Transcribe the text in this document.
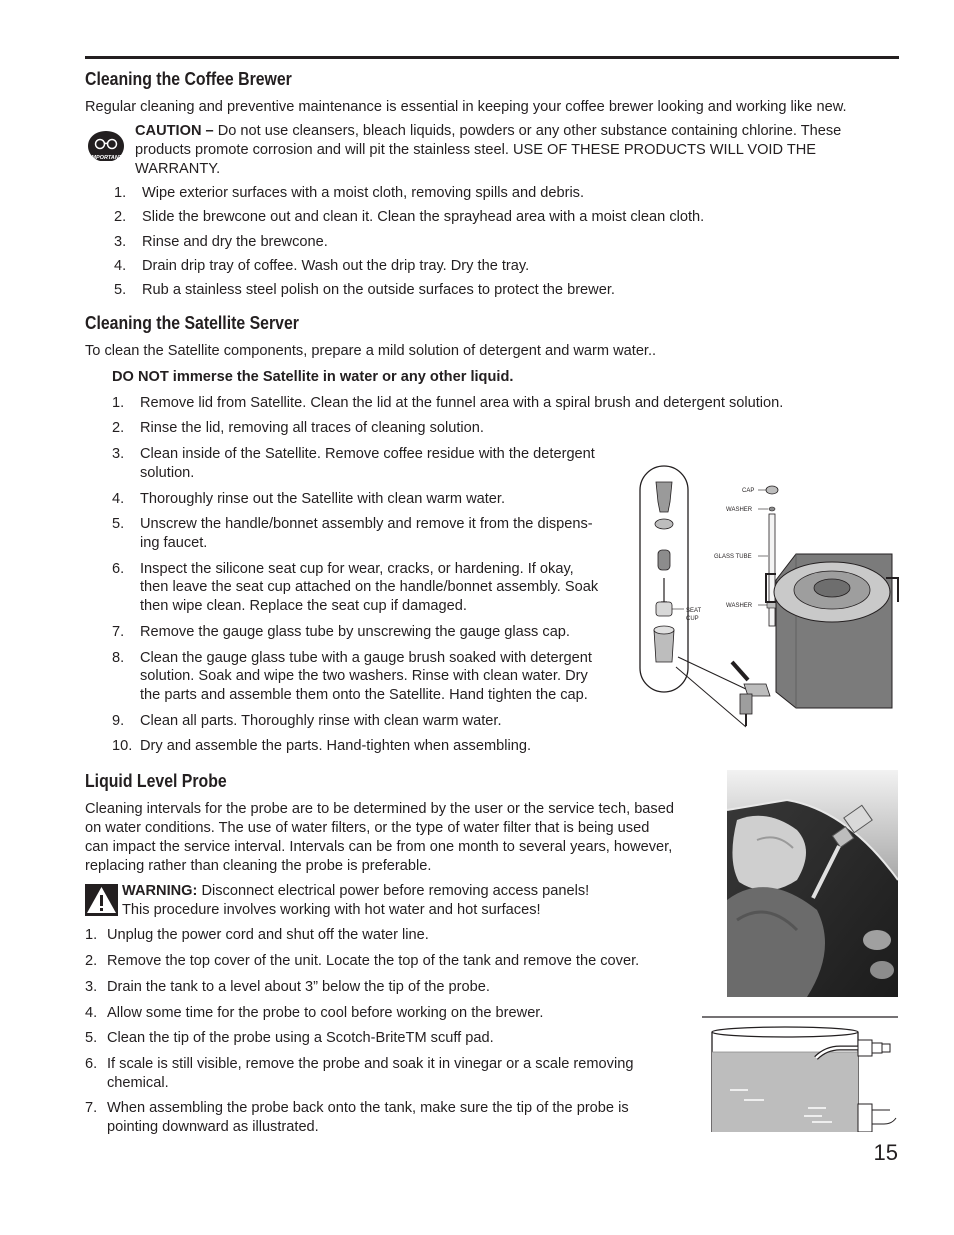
Cleaning the Coffee Brewer
Regular cleaning and preventive maintenance is essential in keeping your coffee brewer looking and working like new.
IMPORTANT
CAUTION – Do not use cleansers, bleach liquids, powders or any other substance containing chlorine. These
products promote corrosion and will pit the stainless steel. USE OF THESE PRODUCTS WILL VOID THE
WARRANTY.
1. Wipe exterior surfaces with a moist cloth, removing spills and debris.
2. Slide the brewcone out and clean it. Clean the sprayhead area with a moist clean cloth.
3. Rinse and dry the brewcone.
4. Drain drip tray of coffee. Wash out the drip tray. Dry the tray.
5. Rub a stainless steel polish on the outside surfaces to protect the brewer.
Cleaning the Satellite Server
To clean the Satellite components, prepare a mild solution of detergent and warm water..
DO NOT immerse the Satellite in water or any other liquid.
1. Remove lid from Satellite. Clean the lid at the funnel area with a spiral brush and detergent solution.
2. Rinse the lid, removing all traces of cleaning solution.
3. Clean inside of the Satellite. Remove coffee residue with the detergent
solution.
4. Thoroughly rinse out the Satellite with clean warm water.
5. Unscrew the handle/bonnet assembly and remove it from the dispens-
ing faucet.
6. Inspect the silicone seat cup for wear, cracks, or hardening. If okay,
then leave the seat cup attached on the handle/bonnet assembly. Soak
then wipe clean. Replace the seat cup if damaged.
7. Remove the gauge glass tube by unscrewing the gauge glass cap.
8. Clean the gauge glass tube with a gauge brush soaked with detergent
solution. Soak and wipe the two washers. Rinse with clean water. Dry
the parts and assemble them onto the Satellite. Hand tighten the cap.
9. Clean all parts. Thoroughly rinse with clean warm water.
10. Dry and assemble the parts. Hand-tighten when assembling.
SEAT
CUP
CAP
WASHER
GLASS TUBE
WASHER
Liquid Level Probe
Cleaning intervals for the probe are to be determined by the user or the service tech, based
on water conditions. The use of water filters, or the type of water filter that is being used
can impact the service interval. Intervals can be from one month to several years, however,
replacing rather than cleaning the probe is preferable.
WARNING: Disconnect electrical power before removing access panels!
This procedure involves working with hot water and hot surfaces!
1. Unplug the power cord and shut off the water line.
2. Remove the top cover of the unit. Locate the top of the tank and remove the cover.
3. Drain the tank to a level about 3” below the tip of the probe.
4. Allow some time for the probe to cool before working on the brewer.
5. Clean the tip of the probe using a Scotch-BriteTM scuff pad.
6. If scale is still visible, remove the probe and soak it in vinegar or a scale removing
chemical.
7. When assembling the probe back onto the tank, make sure the tip of the probe is
pointing downward as illustrated.
15
